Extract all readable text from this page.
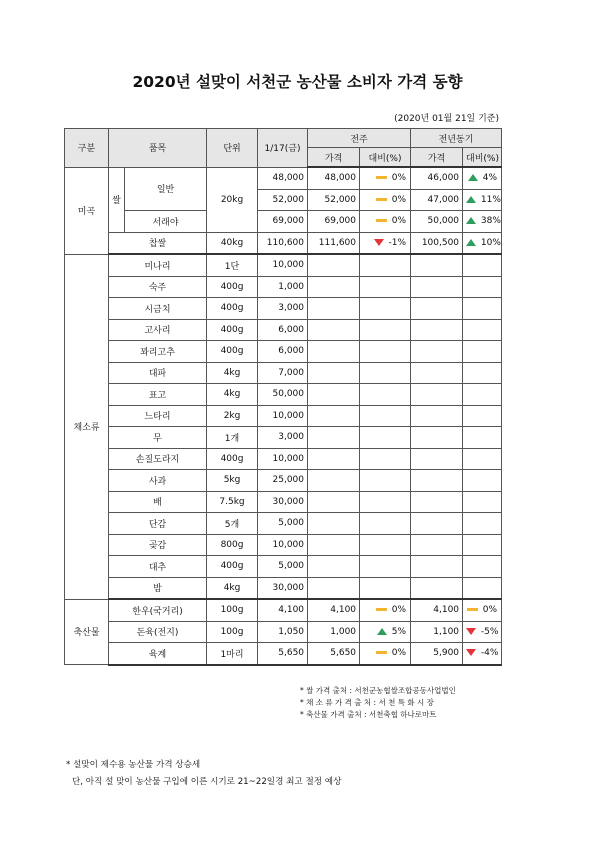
2020년 설맞이 서천군 농산물 소비자 가격 동향
(2020년 01월 21일 기준)
구분	품목		단위	1/17(금)	전주		전년동기	
					가격	대비(%)	가격	대비(%)	
미곡	쌀	일반	20kg	48,000	48,000	0%	46,000	4%	
				52,000	52,000	0%	47,000	11%	
		서래야		69,000	69,000	0%	50,000	38%	
	찹쌀		40kg	110,600	111,600	-1%	100,500	10%	
채소류	미나리		1단	10,000					
	숙주		400g	1,000					
	시금치		400g	3,000					
	고사리		400g	6,000					
	꽈리고추		400g	6,000					
	대파		4kg	7,000					
	표고		4kg	50,000					
	느타리		2kg	10,000					
	무		1개	3,000					
	손질도라지		400g	10,000					
	사과		5kg	25,000					
	배		7.5kg	30,000					
	단감		5개	5,000					
	곶감		800g	10,000					
	대추		400g	5,000					
	밤		4kg	30,000					
축산물	한우(국거리)		100g	4,100	4,100	0%	4,100	0%	
	돈육(전지)		100g	1,050	1,000	5%	1,100	-5%	
	육계		1마리	5,650	5,650	0%	5,900	-4%	
* 쌀 가격 출처 : 서천군농협쌀조합공동사업법인
* 채 소 류 가 격 출 처 : 서 천 특 화 시 장
* 축산물 가격 출처 : 서천축협 하나로마트
* 설맞이 제수용 농산물 가격 상승세
단, 아직 설 맞이 농산물 구입에 이른 시기로 21~22일경 최고 절정 예상
